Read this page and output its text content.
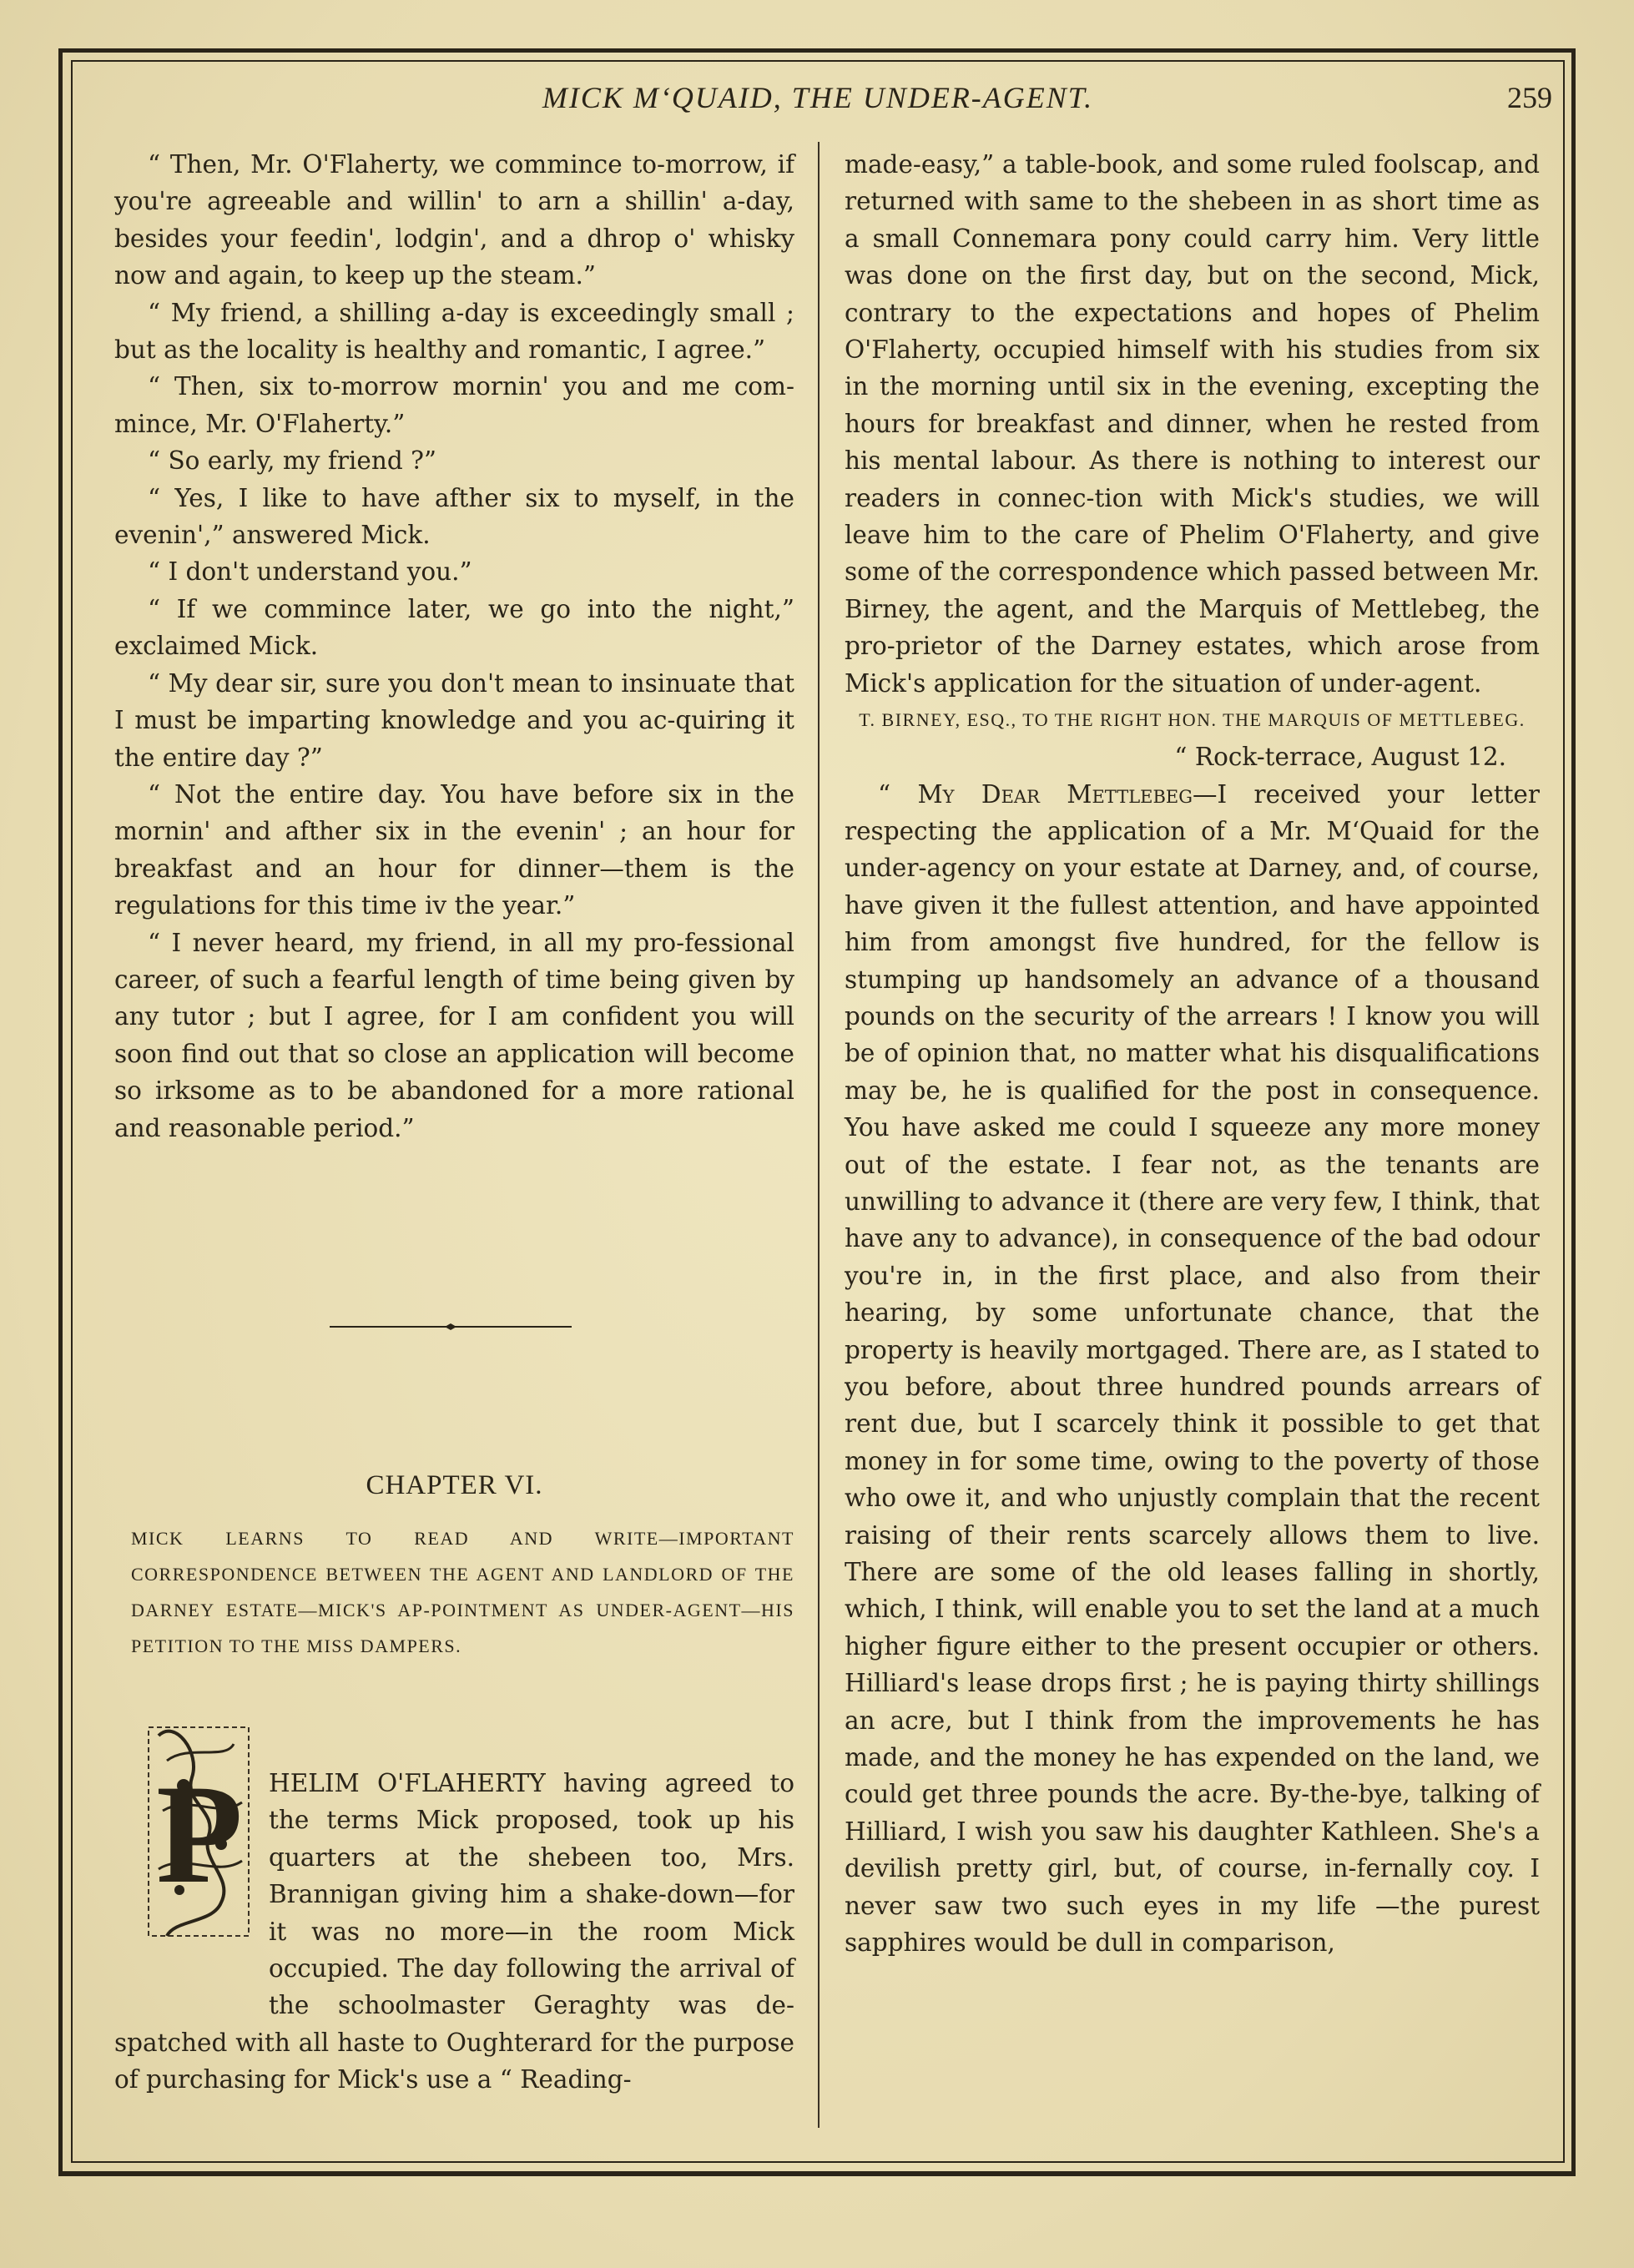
MICK M‘QUAID, THE UNDER-AGENT.	259

“ Then, Mr. O'Flaherty, we commince to-morrow, if you're agreeable and willin' to arn a shillin' a-day, besides your feedin', lodgin', and a dhrop o' whisky now and again, to keep up the steam.”

“ My friend, a shilling a-day is exceedingly small ; but as the locality is healthy and romantic, I agree.”

“ Then, six to-morrow mornin' you and me com-mince, Mr. O'Flaherty.”

“ So early, my friend ?”

“ Yes, I like to have afther six to myself, in the evenin',” answered Mick.

“ I don't understand you.”

“ If we commince later, we go into the night,” exclaimed Mick.

“ My dear sir, sure you don't mean to insinuate that I must be imparting knowledge and you ac-quiring it the entire day ?”

“ Not the entire day. You have before six in the mornin' and afther six in the evenin' ; an hour for breakfast and an hour for dinner—them is the regulations for this time iv the year.”

“ I never heard, my friend, in all my pro-fessional career, of such a fearful length of time being given by any tutor ; but I agree, for I am confident you will soon find out that so close an application will become so irksome as to be abandoned for a more rational and reasonable period.”

CHAPTER VI.
MICK LEARNS TO READ AND WRITE—IMPORTANT CORRESPONDENCE BETWEEN THE AGENT AND LANDLORD OF THE DARNEY ESTATE—MICK'S AP-POINTMENT AS UNDER-AGENT—HIS PETITION TO THE MISS DAMPERS.
P	HELIM O'FLAHERTY having agreed to the terms Mick proposed, took up his quarters at the shebeen too, Mrs. Brannigan giving him a shake-down—for it was no more—in the room Mick occupied. The day following the arrival of the schoolmaster Geraghty was de-spatched with all haste to Oughterard for the purpose of purchasing for Mick's use a “ Reading-

made-easy,” a table-book, and some ruled foolscap, and returned with same to the shebeen in as short time as a small Connemara pony could carry him. Very little was done on the first day, but on the second, Mick, contrary to the expectations and hopes of Phelim O'Flaherty, occupied himself with his studies from six in the morning until six in the evening, excepting the hours for breakfast and dinner, when he rested from his mental labour. As there is nothing to interest our readers in connec-tion with Mick's studies, we will leave him to the care of Phelim O'Flaherty, and give some of the correspondence which passed between Mr. Birney, the agent, and the Marquis of Mettlebeg, the pro-prietor of the Darney estates, which arose from Mick's application for the situation of under-agent.

T. BIRNEY, ESQ., TO THE RIGHT HON. THE MARQUIS OF METTLEBEG.
“ Rock-terrace, August 12.

“ My Dear Mettlebeg—I received your letter respecting the application of a Mr. M‘Quaid for the under-agency on your estate at Darney, and, of course, have given it the fullest attention, and have appointed him from amongst five hundred, for the fellow is stumping up handsomely an advance of a thousand pounds on the security of the arrears ! I know you will be of opinion that, no matter what his disqualifications may be, he is qualified for the post in consequence. You have asked me could I squeeze any more money out of the estate. I fear not, as the tenants are unwilling to advance it (there are very few, I think, that have any to advance), in consequence of the bad odour you're in, in the first place, and also from their hearing, by some unfortunate chance, that the property is heavily mortgaged. There are, as I stated to you before, about three hundred pounds arrears of rent due, but I scarcely think it possible to get that money in for some time, owing to the poverty of those who owe it, and who unjustly complain that the recent raising of their rents scarcely allows them to live. There are some of the old leases falling in shortly, which, I think, will enable you to set the land at a much higher figure either to the present occupier or others. Hilliard's lease drops first ; he is paying thirty shillings an acre, but I think from the improvements he has made, and the money he has expended on the land, we could get three pounds the acre. By-the-bye, talking of Hilliard, I wish you saw his daughter Kathleen. She's a devilish pretty girl, but, of course, in-fernally coy. I never saw two such eyes in my life —the purest sapphires would be dull in comparison,
